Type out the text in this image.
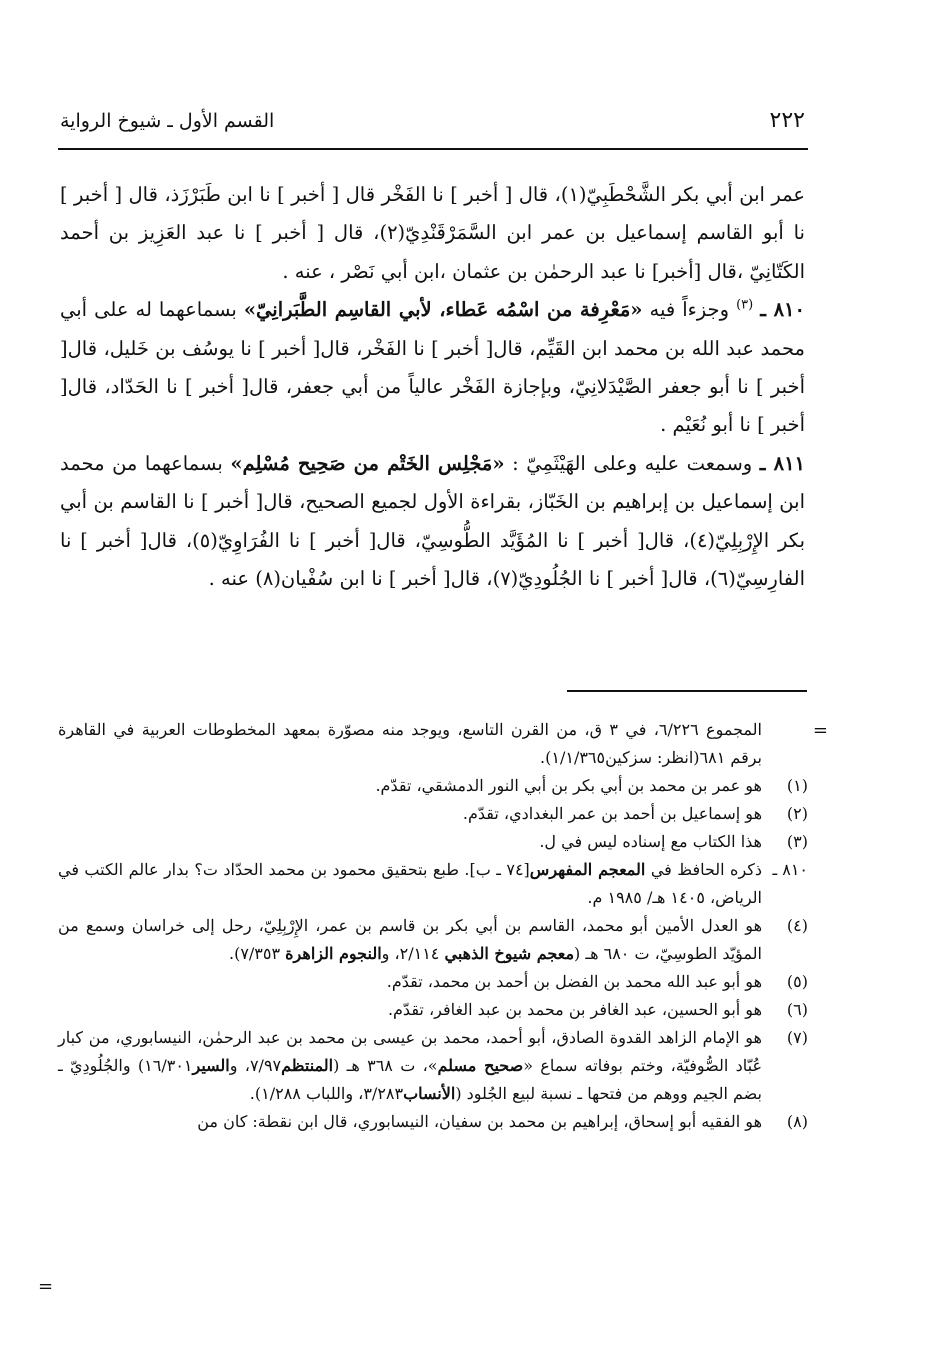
٢٢٢
القسم الأول ـ شيوخ الرواية

عمر ابن أبي بكر الشَّحْطَبِيّ(١)، قال [ أخبر ] نا الفَخْر قال [ أخبر ] نا ابن طَبَرْزَذ، قال [ أخبر ] نا أبو القاسم إسماعيل بن عمر ابن السَّمَرْقَنْدِيّ(٢)، قال [ أخبر ] نا عبد العَزِيز بن أحمد الكَتّانِيّ ،قال [أخبر] نا عبد الرحمٰن بن عثمان ،ابن أبي نَصْر ، عنه .

٨١٠ ـ $^{(٣)}$ وجزءاً فيه «مَعْرِفة من اسْمُه عَطاء، لأبي القاسِم الطَّبَرانِيّ» بسماعهما له على أبي محمد عبد الله بن محمد ابن القَيِّم، قال[ أخبر ] نا الفَخْر، قال[ أخبر ] نا يوسُف بن خَليل، قال[ أخبر ] نا أبو جعفر الصَّيْدَلانِيّ، وبإجازة الفَخْر عالياً من أبي جعفر، قال[ أخبر ] نا الحَدّاد، قال[ أخبر ] نا أبو نُعَيْم .

٨١١ ـ وسمعت عليه وعلى الهَيْثَمِيّ : «مَجْلِس الخَتْم من صَحِيح مُسْلِم» بسماعهما من محمد ابن إسماعيل بن إبراهيم بن الخَبّاز، بقراءة الأول لجميع الصحيح، قال[ أخبر ] نا القاسم بن أبي بكر الإِرْبِلِيّ(٤)، قال[ أخبر ] نا المُؤَيَّد الطُّوسِيّ، قال[ أخبر ] نا الفُرَاوِيّ(٥)، قال[ أخبر ] نا الفارِسِيّ(٦)، قال[ أخبر ] نا الجُلُودِيّ(٧)، قال[ أخبر ] نا ابن سُفْيان(٨) عنه .

=
المجموع ٦/٢٢٦، في ٣ ق، من القرن التاسع، ويوجد منه مصوّرة بمعهد المخطوطات العربية في القاهرة برقم ٦٨١(انظر: سزكين١/١/٣٦٥).
(١)
هو عمر بن محمد بن أبي بكر بن أبي النور الدمشقي، تقدّم.
(٢)
هو إسماعيل بن أحمد بن عمر البغدادي، تقدّم.
(٣)
هذا الكتاب مع إسناده ليس في ل.
٨١٠ ـ
ذكره الحافظ في المعجم المفهرس[٧٤ ـ ب]. طبع بتحقيق محمود بن محمد الحدّاد ت؟ بدار عالم الكتب في الرياض، ١٤٠٥ هـ/ ١٩٨٥ م.
(٤)
هو العدل الأمين أبو محمد، القاسم بن أبي بكر بن قاسم بن عمر، الإِرْبِلِيّ، رحل إلى خراسان وسمع من المؤيّد الطوسِيّ، ت ٦٨٠ هـ (معجم شيوخ الذهبي ٢/١١٤، والنجوم الزاهرة ٧/٣٥٣).
(٥)
هو أبو عبد الله محمد بن الفضل بن أحمد بن محمد، تقدّم.
(٦)
هو أبو الحسين، عبد الغافر بن محمد بن عبد الغافر، تقدّم.
(٧)
هو الإمام الزاهد القدوة الصادق، أبو أحمد، محمد بن عيسى بن محمد بن عبد الرحمٰن، النيسابوري، من كبار عُبّاد الصُّوفيّة، وختم بوفاته سماع «صحيح مسلم»، ت ٣٦٨ هـ (المنتظم٧/٩٧، والسير١٦/٣٠١) والجُلُودِيّ ـ بضم الجيم ووهم من فتحها ـ نسبة لبيع الجُلود (الأنساب٣/٢٨٣، واللباب ١/٢٨٨).
(٨)
هو الفقيه أبو إسحاق، إبراهيم بن محمد بن سفيان، النيسابوري، قال ابن نقطة: كان من
=
